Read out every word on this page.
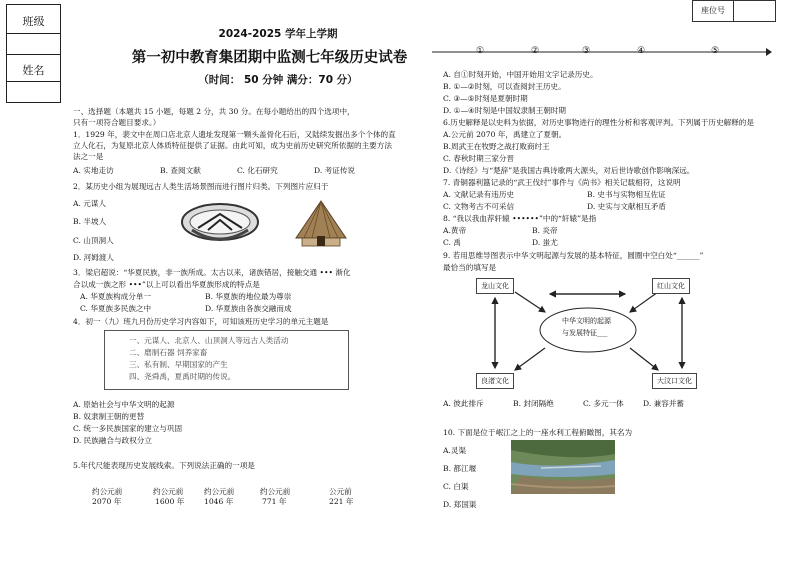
班级
姓名
座位号
2024-2025 学年上学期
第一初中教育集团期中监测七年级历史试卷
（时间： 50 分钟 满分：70 分）
一、选择题（本题共 15 小题，每题 2 分，共 30 分。在每小题给出的四个选项中，
只有一项符合题目要求。）
1．1929 年，裴文中在周口店北京人遗址发现第一颗头盖骨化石后，又陆续发掘出多个个体的直
立人化石，为复原北京人体质特征提供了证据。由此可知，成为史前历史研究所依据的主要方法
法之一是
A. 实地走访	B. 查阅文献	C. 化石研究	D. 考证传说
2．某历史小组为展现远古人类生活场景图而进行图片归类。下列图片应归于
A. 元谋人
B. 半坡人
C. 山顶洞人
D. 河姆渡人
3．梁启超说：“华夏民族，非一族所成。太古以来，诸族错居，接触交通 ••• 渐化
合以成一族之形 •••”以上可以看出华夏族形成的特点是
A. 华夏族构成分单一	B. 华夏族的地位最为尊崇
C. 华夏族多民族之中	D. 华夏族由各族交融而成
4．初一（九）班九月份历史学习内容如下，可知该班历史学习的单元主题是
一、元谋人、北京人、山顶洞人等远古人类活动
二、磨制石器 饲养家畜
三、私有制、早期国家的产生
四、尧舜禹，夏禹时期的传说。
A. 原始社会与中华文明的起源
B. 奴隶制王朝的更替
C. 统一多民族国家的建立与巩固
D. 民族融合与政权分立
5.年代尺能表现历史发展线索。下列说法正确的一项是
约公元前
2070 年
约公元前
1600 年
约公元前
1046 年
约公元前
771 年
公元前
221 年
①	②	③	④	⑤
A. 自①时刻开始，中国开始用文字记录历史。
B. ①—②时刻，可以查阅封王历史。
C. ③—⑤时刻是夏朝时期
D. ①—④时刻是中国奴隶制王朝时期
6.历史解释是以史料为依据，对历史事物进行的理性分析和客观评判。下列属于历史解释的是
A.公元前 2070 年，禹建立了夏朝。
B.周武王在牧野之战打败商纣王
C. 春秋时期三家分晋
D.《诗经》与“楚辞”是我国古典诗歌两大源头，对后世诗歌创作影响深远。
7. 青铜器利簋记录的“武王伐纣”事件与《尚书》相关记载相符，这说明
A. 文献记录有违历史	B. 史书与实物相互佐证
C. 文物考古不可采信	D. 史实与文献相互矛盾
8. “我以我血荐轩辕 ••••••”中的“轩辕”是指
A.黄帝	B. 炎帝
C. 禹	D. 蚩尤
9. 若用思维导图表示中华文明起源与发展的基本特征，圆圈中空白处“______”
最恰当的填写是
龙山文化	红山文化
良渚文化	大汶口文化
中华文明的起源
与发展特征___
A. 彼此排斥	B. 封闭隔绝	C. 多元一体	D. 兼容并蓄
10. 下面是位于岷江之上的一座水利工程俯瞰图，其名为
A.灵渠
B. 都江堰
C. 白渠
D. 郑国渠
